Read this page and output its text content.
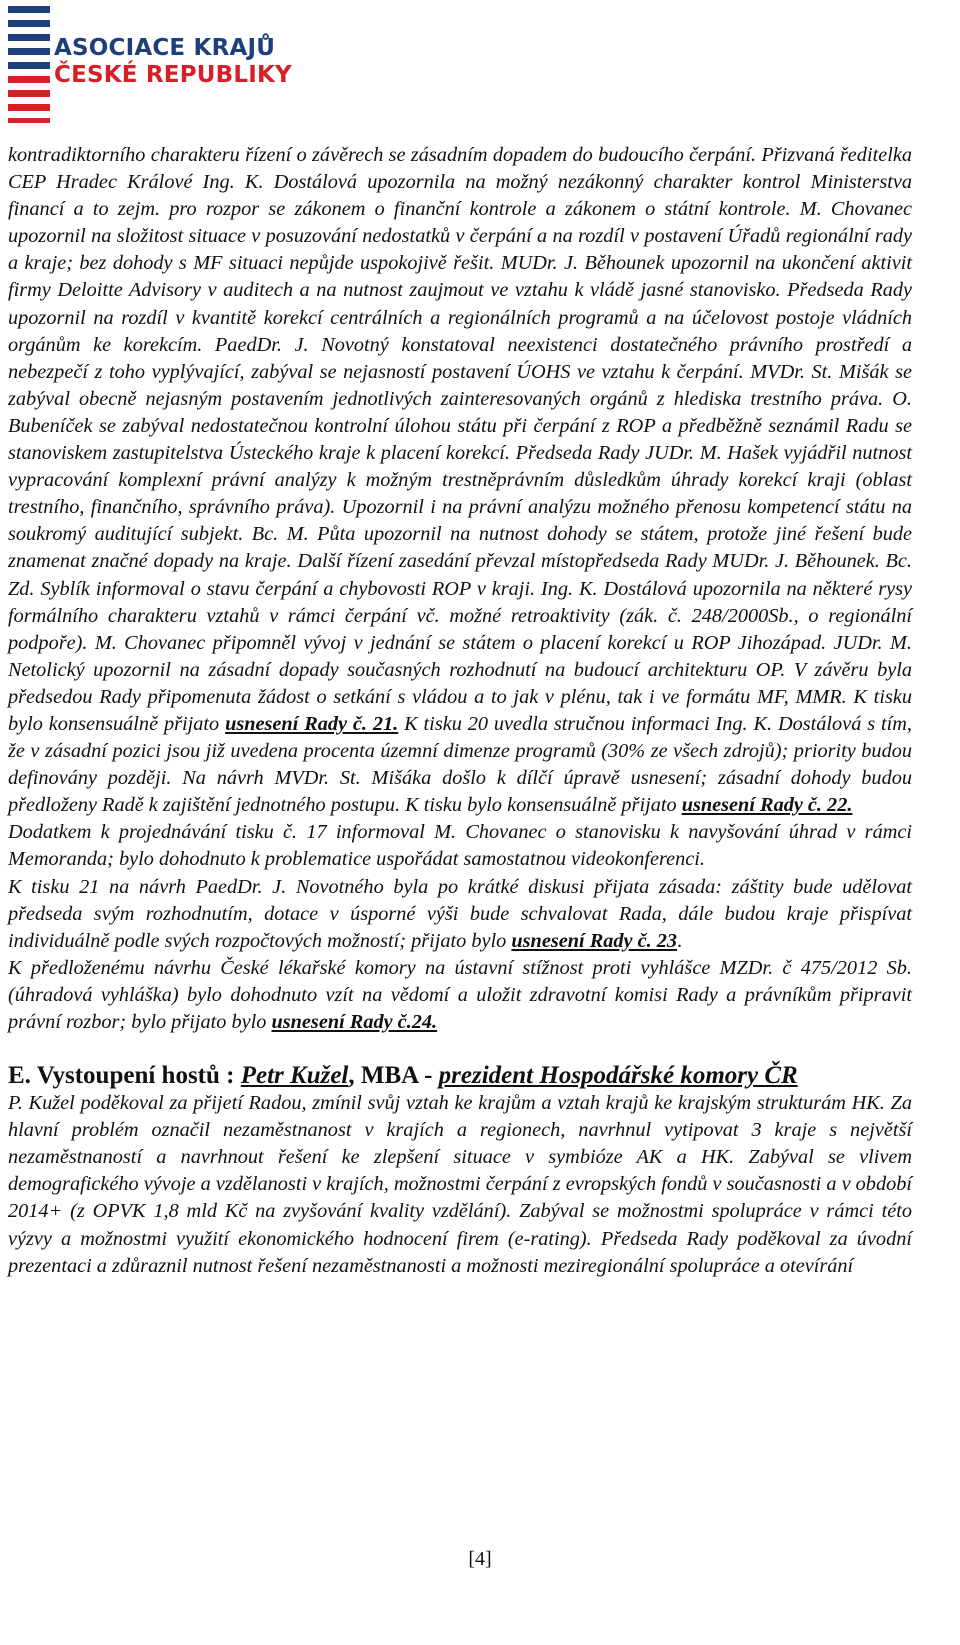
ASOCIACE KRAJŮ
ČESKÉ REPUBLIKY

kontradiktorního charakteru řízení o závěrech se zásadním dopadem do budoucího čerpání. Přizvaná ředitelka CEP Hradec Králové Ing. K. Dostálová upozornila na možný nezákonný charakter kontrol Ministerstva financí a to zejm. pro rozpor se zákonem o finanční kontrole a zákonem o státní kontrole. M. Chovanec upozornil na složitost situace v posuzování nedostatků v čerpání a na rozdíl v postavení Úřadů regionální rady a kraje; bez dohody s MF situaci nepůjde uspokojivě řešit. MUDr. J. Běhounek upozornil na ukončení aktivit firmy Deloitte Advisory v auditech a na nutnost zaujmout ve vztahu k vládě jasné stanovisko. Předseda Rady upozornil na rozdíl v kvantitě korekcí centrálních a regionálních programů a na účelovost postoje vládních orgánům ke korekcím. PaedDr. J. Novotný konstatoval neexistenci dostatečného právního prostředí a nebezpečí z toho vyplývající, zabýval se nejasností postavení ÚOHS ve vztahu k čerpání. MVDr. St. Mišák se zabýval obecně nejasným postavením jednotlivých zainteresovaných orgánů z hlediska trestního práva. O. Bubeníček se zabýval nedostatečnou kontrolní úlohou státu při čerpání z ROP a předběžně seznámil Radu se stanoviskem zastupitelstva Ústeckého kraje k placení korekcí. Předseda Rady JUDr. M. Hašek vyjádřil nutnost vypracování komplexní právní analýzy k možným trestněprávním důsledkům úhrady korekcí kraji (oblast trestního, finančního, správního práva). Upozornil i na právní analýzu možného přenosu kompetencí státu na soukromý auditující subjekt. Bc. M. Půta upozornil na nutnost dohody se státem, protože jiné řešení bude znamenat značné dopady na kraje. Další řízení zasedání převzal místopředseda Rady MUDr. J. Běhounek. Bc. Zd. Syblík informoval o stavu čerpání a chybovosti ROP v kraji. Ing. K. Dostálová upozornila na některé rysy formálního charakteru vztahů v rámci čerpání vč. možné retroaktivity (zák. č. 248/2000Sb., o regionální podpoře). M. Chovanec připomněl vývoj v jednání se státem o placení korekcí u ROP Jihozápad. JUDr. M. Netolický upozornil na zásadní dopady současných rozhodnutí na budoucí architekturu OP. V závěru byla předsedou Rady připomenuta žádost o setkání s vládou a to jak v plénu, tak i ve formátu MF, MMR. K tisku bylo konsensuálně přijato usnesení Rady č. 21. K tisku 20 uvedla stručnou informaci Ing. K. Dostálová s tím, že v zásadní pozici jsou již uvedena procenta územní dimenze programů (30% ze všech zdrojů); priority budou definovány později. Na návrh MVDr. St. Mišáka došlo k dílčí úpravě usnesení; zásadní dohody budou předloženy Radě k zajištění jednotného postupu. K tisku bylo konsensuálně přijato usnesení Rady č. 22.

Dodatkem k projednávání tisku č. 17 informoval M. Chovanec o stanovisku k navyšování úhrad v rámci Memoranda; bylo dohodnuto k problematice uspořádat samostatnou videokonferenci.

K tisku 21 na návrh PaedDr. J. Novotného byla po krátké diskusi přijata zásada: záštity bude udělovat předseda svým rozhodnutím, dotace v úsporné výši bude schvalovat Rada, dále budou kraje přispívat individuálně podle svých rozpočtových možností; přijato bylo usnesení Rady č. 23.

K předloženému návrhu České lékařské komory na ústavní stížnost proti vyhlášce MZDr. č 475/2012 Sb. (úhradová vyhláška) bylo dohodnuto vzít na vědomí a uložit zdravotní komisi Rady a právníkům připravit právní rozbor; bylo přijato bylo usnesení Rady č.24.

E. Vystoupení hostů : Petr Kužel, MBA - prezident Hospodářské komory ČR

P. Kužel poděkoval za přijetí Radou, zmínil svůj vztah ke krajům a vztah krajů ke krajským strukturám HK. Za hlavní problém označil nezaměstnanost v krajích a regionech, navrhnul vytipovat 3 kraje s největší nezaměstnaností a navrhnout řešení ke zlepšení situace v symbióze AK a HK. Zabýval se vlivem demografického vývoje a vzdělanosti v krajích, možnostmi čerpání z evropských fondů v současnosti a v období 2014+ (z OPVK 1,8 mld Kč na zvyšování kvality vzdělání). Zabýval se možnostmi spolupráce v rámci této výzvy a možnostmi využití ekonomického hodnocení firem (e-rating). Předseda Rady poděkoval za úvodní prezentaci a zdůraznil nutnost řešení nezaměstnanosti a možnosti meziregionální spolupráce a otevírání

[4]
